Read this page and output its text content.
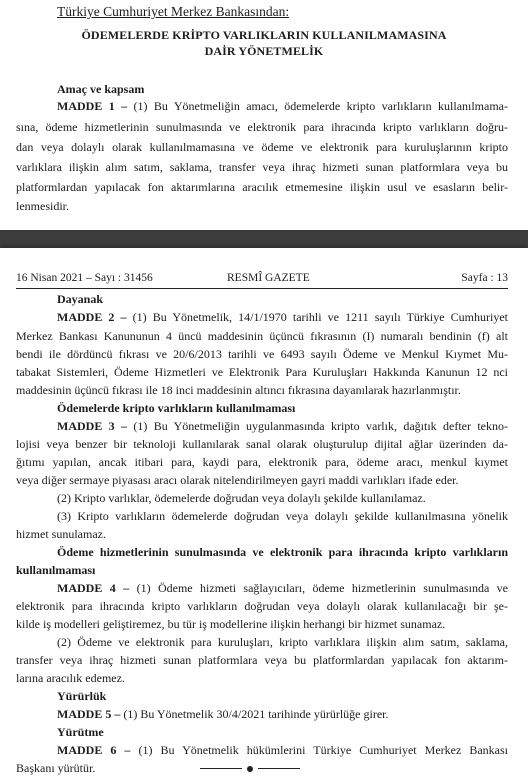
Türkiye Cumhuriyet Merkez Bankasından:
ÖDEMELERDE KRİPTO VARLIKLARIN KULLANILMAMASINA
DAİR YÖNETMELİK
Amaç ve kapsam
MADDE 1 – (1) Bu Yönetmeliğin amacı, ödemelerde kripto varlıkların kullanılmama-
sına, ödeme hizmetlerinin sunulmasında ve elektronik para ihracında kripto varlıkların doğru-
dan veya dolaylı olarak kullanılmamasına ve ödeme ve elektronik para kuruluşlarının kripto
varlıklara ilişkin alım satım, saklama, transfer veya ihraç hizmeti sunan platformlara veya bu
platformlardan yapılacak fon aktarımlarına aracılık etmemesine ilişkin usul ve esasların belir-
lenmesidir.
16 Nisan 2021 – Sayı : 31456	RESMÎ GAZETE	Sayfa : 13
Dayanak
MADDE 2 – (1) Bu Yönetmelik, 14/1/1970 tarihli ve 1211 sayılı Türkiye Cumhuriyet
Merkez Bankası Kanununun 4 üncü maddesinin üçüncü fıkrasının (I) numaralı bendinin (f) alt
bendi ile dördüncü fıkrası ve 20/6/2013 tarihli ve 6493 sayılı Ödeme ve Menkul Kıymet Mu-
tabakat Sistemleri, Ödeme Hizmetleri ve Elektronik Para Kuruluşları Hakkında Kanunun 12 nci
maddesinin üçüncü fıkrası ile 18 inci maddesinin altıncı fıkrasına dayanılarak hazırlanmıştır.
Ödemelerde kripto varlıkların kullanılmaması
MADDE 3 – (1) Bu Yönetmeliğin uygulanmasında kripto varlık, dağıtık defter tekno-
lojisi veya benzer bir teknoloji kullanılarak sanal olarak oluşturulup dijital ağlar üzerinden da-
ğıtımı yapılan, ancak itibari para, kaydi para, elektronik para, ödeme aracı, menkul kıymet
veya diğer sermaye piyasası aracı olarak nitelendirilmeyen gayri maddi varlıkları ifade eder.
(2) Kripto varlıklar, ödemelerde doğrudan veya dolaylı şekilde kullanılamaz.
(3) Kripto varlıkların ödemelerde doğrudan veya dolaylı şekilde kullanılmasına yönelik
hizmet sunulamaz.
Ödeme hizmetlerinin sunulmasında ve elektronik para ihracında kripto varlıkların
kullanılmaması
MADDE 4 – (1) Ödeme hizmeti sağlayıcıları, ödeme hizmetlerinin sunulmasında ve
elektronik para ihracında kripto varlıkların doğrudan veya dolaylı olarak kullanılacağı bir şe-
kilde iş modelleri geliştiremez, bu tür iş modellerine ilişkin herhangi bir hizmet sunamaz.
(2) Ödeme ve elektronik para kuruluşları, kripto varlıklara ilişkin alım satım, saklama,
transfer veya ihraç hizmeti sunan platformlara veya bu platformlardan yapılacak fon aktarım-
larına aracılık edemez.
Yürürlük
MADDE 5 – (1) Bu Yönetmelik 30/4/2021 tarihinde yürürlüğe girer.
Yürütme
MADDE 6 – (1) Bu Yönetmelik hükümlerini Türkiye Cumhuriyet Merkez Bankası
Başkanı yürütür.
